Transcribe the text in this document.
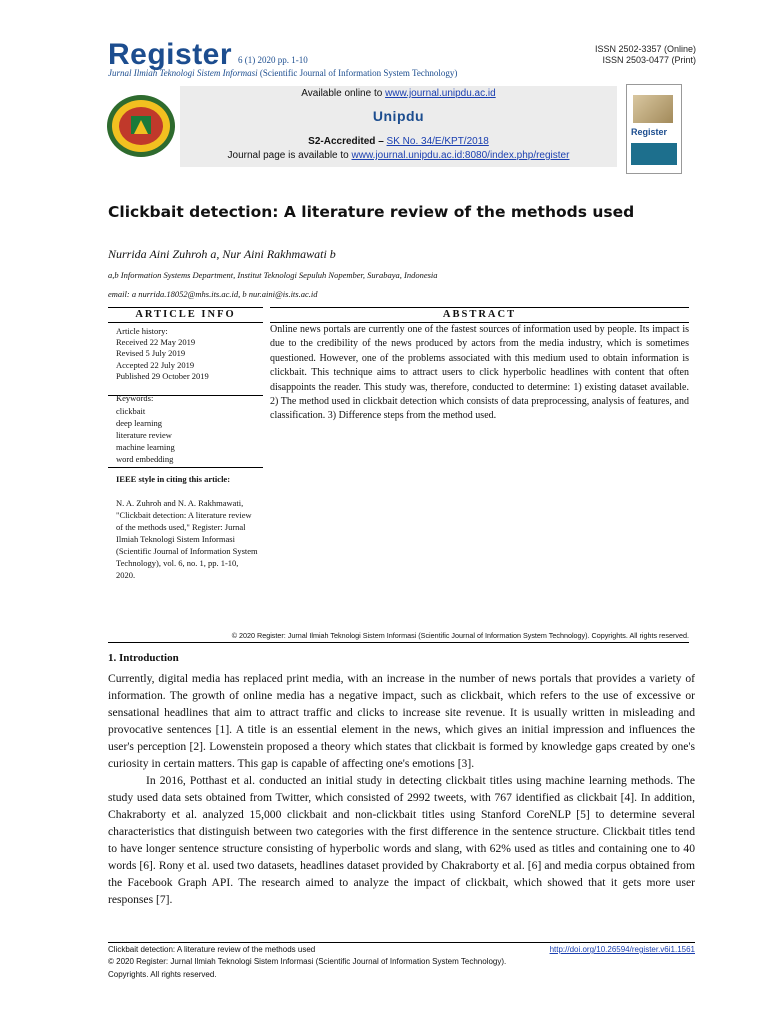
Register 6 (1) 2020 pp. 1-10
Jurnal Ilmiah Teknologi Sistem Informasi (Scientific Journal of Information System Technology)
ISSN 2502-3357 (Online)
ISSN 2503-0477 (Print)
Available online to www.journal.unipdu.ac.id
Unipdu
S2-Accredited – SK No. 34/E/KPT/2018
Journal page is available to www.journal.unipdu.ac.id:8080/index.php/register
Register
Clickbait detection: A literature review of the methods used
Nurrida Aini Zuhroh a, Nur Aini Rakhmawati b
a,b Information Systems Department, Institut Teknologi Sepuluh Nopember, Surabaya, Indonesia
email: a nurrida.18052@mhs.its.ac.id, b nur.aini@is.its.ac.id
ARTICLE INFO
Article history:
Received 22 May 2019
Revised 5 July 2019
Accepted 22 July 2019
Published 29 October 2019
Keywords:
clickbait
deep learning
literature review
machine learning
word embedding
IEEE style in citing this article:
N. A. Zuhroh and N. A. Rakhmawati, "Clickbait detection: A literature review of the methods used," Register: Jurnal Ilmiah Teknologi Sistem Informasi (Scientific Journal of Information System Technology), vol. 6, no. 1, pp. 1-10, 2020.
ABSTRACT
Online news portals are currently one of the fastest sources of information used by people. Its impact is due to the credibility of the news produced by actors from the media industry, which is sometimes questioned. However, one of the problems associated with this medium used to obtain information is clickbait. This technique aims to attract users to click hyperbolic headlines with content that often disappoints the reader. This study was, therefore, conducted to determine: 1) existing dataset available. 2) The method used in clickbait detection which consists of data preprocessing, analysis of features, and classification. 3) Difference steps from the method used.
© 2020 Register: Jurnal Ilmiah Teknologi Sistem Informasi (Scientific Journal of Information System Technology). Copyrights. All rights reserved.
1. Introduction

Currently, digital media has replaced print media, with an increase in the number of news portals that provides a variety of information. The growth of online media has a negative impact, such as clickbait, which refers to the use of excessive or sensational headlines that aim to attract traffic and clicks to increase site revenue. It is usually written in misleading and provocative sentences [1]. A title is an essential element in the news, which gives an initial impression and influences the user's perception [2]. Lowenstein proposed a theory which states that clickbait is formed by knowledge gaps created by one's curiosity in certain matters. This gap is capable of affecting one's emotions [3].

In 2016, Potthast et al. conducted an initial study in detecting clickbait titles using machine learning methods. The study used data sets obtained from Twitter, which consisted of 2992 tweets, with 767 identified as clickbait [4]. In addition, Chakraborty et al. analyzed 15,000 clickbait and non-clickbait titles using Stanford CoreNLP [5] to determine several characteristics that distinguish between two categories with the first difference in the sentence structure. Clickbait titles tend to have longer sentence structure consisting of hyperbolic words and slang, with 62% used as titles and containing one to 40 words [6]. Rony et al. used two datasets, headlines dataset provided by Chakraborty et al. [6] and media corpus obtained from the Facebook Graph API. The research aimed to analyze the impact of clickbait, which showed that it gets more user responses [7].

Clickbait detection: A literature review of the methods used	http://doi.org/10.26594/register.v6i1.1561
© 2020 Register: Jurnal Ilmiah Teknologi Sistem Informasi (Scientific Journal of Information System Technology).
Copyrights. All rights reserved.
